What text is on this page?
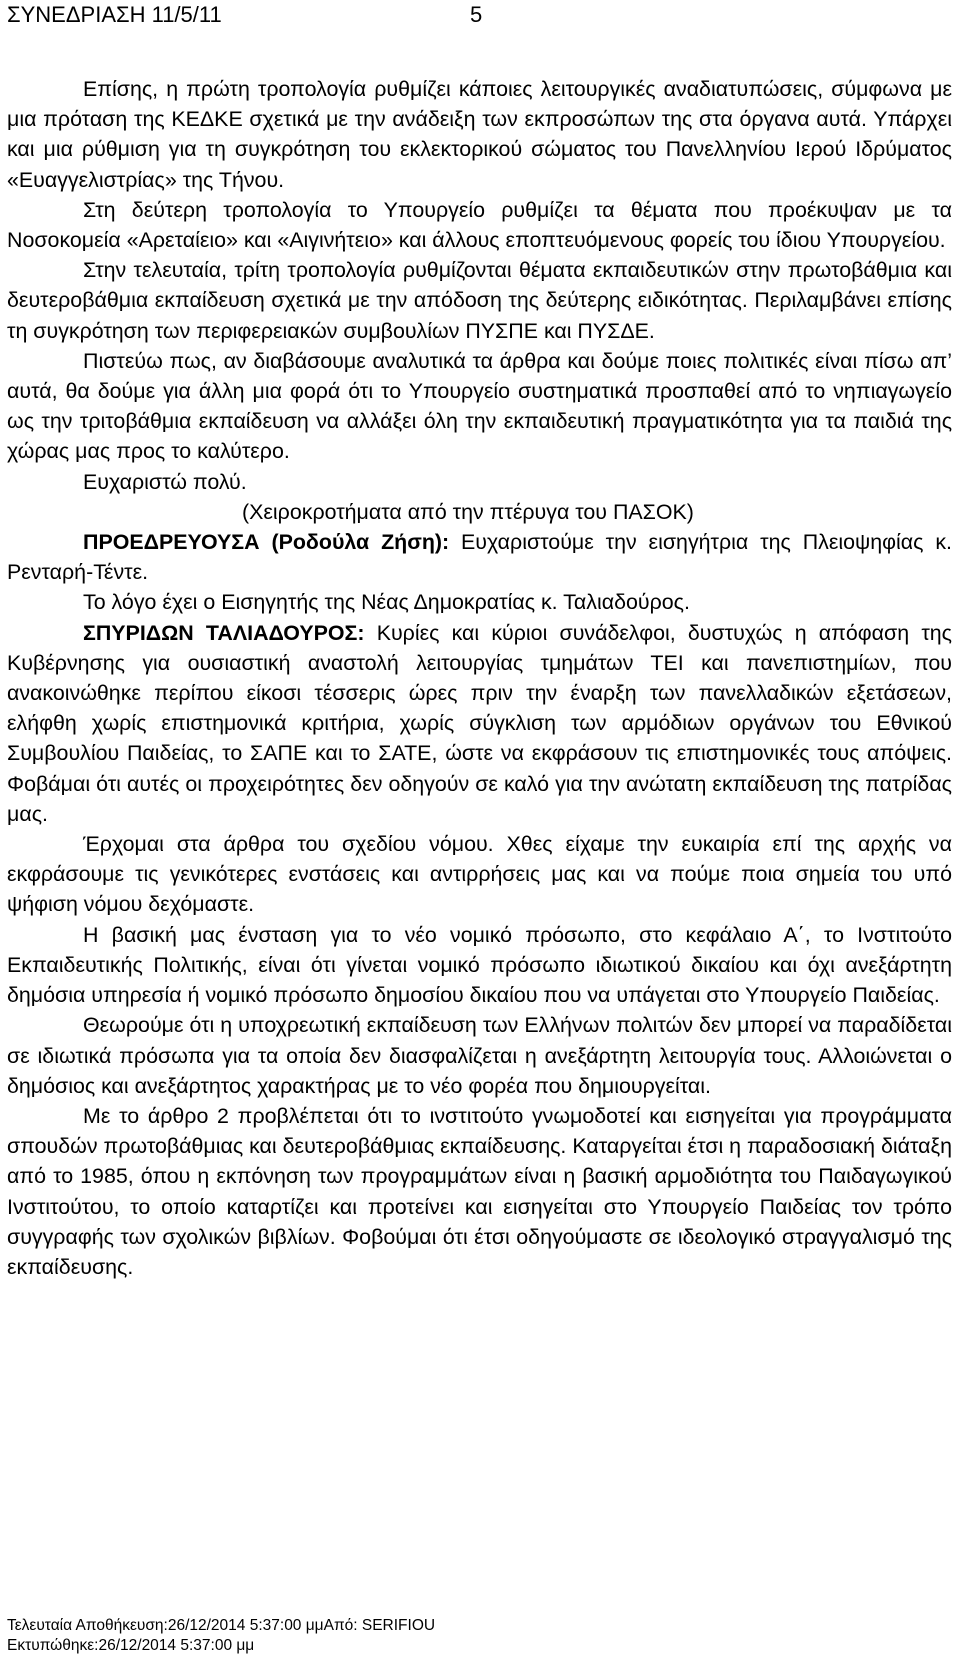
ΣΥΝΕΔΡΙΑΣΗ 11/5/11	5

Επίσης, η πρώτη τροπολογία ρυθμίζει κάποιες λειτουργικές αναδιατυπώσεις, σύμφωνα με μια πρόταση της ΚΕΔΚΕ σχετικά με την ανάδειξη των εκπροσώπων της στα όργανα αυτά. Υπάρχει και μια ρύθμιση για τη συγκρότηση του εκλεκτορικού σώματος του Πανελληνίου Ιερού Ιδρύματος «Ευαγγελιστρίας» της Τήνου.

Στη δεύτερη τροπολογία το Υπουργείο ρυθμίζει τα θέματα που προέκυψαν με τα Νοσοκομεία «Αρεταίειο» και «Αιγινήτειο» και άλλους εποπτευόμενους φορείς του ίδιου Υπουργείου.

Στην τελευταία, τρίτη τροπολογία ρυθμίζονται θέματα εκπαιδευτικών στην πρωτοβάθμια και δευτεροβάθμια εκπαίδευση σχετικά με την απόδοση της δεύτερης ειδικότητας. Περιλαμβάνει επίσης τη συγκρότηση των περιφερειακών συμβουλίων ΠΥΣΠΕ και ΠΥΣΔΕ.

Πιστεύω πως, αν διαβάσουμε αναλυτικά τα άρθρα και δούμε ποιες πολιτικές είναι πίσω απ’ αυτά, θα δούμε για άλλη μια φορά ότι το Υπουργείο συστηματικά προσπαθεί από το νηπιαγωγείο ως την τριτοβάθμια εκπαίδευση να αλλάξει όλη την εκπαιδευτική πραγματικότητα για τα παιδιά της χώρας μας προς το καλύτερο.

Ευχαριστώ πολύ.

(Χειροκροτήματα από την πτέρυγα του ΠΑΣΟΚ)

ΠΡΟΕΔΡΕΥΟΥΣΑ (Ροδούλα Ζήση): Ευχαριστούμε την εισηγήτρια της Πλειοψηφίας κ. Ρενταρή-Τέντε.

Το λόγο έχει ο Εισηγητής της Νέας Δημοκρατίας κ. Ταλιαδούρος.

ΣΠΥΡΙΔΩΝ ΤΑΛΙΑΔΟΥΡΟΣ: Κυρίες και κύριοι συνάδελφοι, δυστυχώς η απόφαση της Κυβέρνησης για ουσιαστική αναστολή λειτουργίας τμημάτων ΤΕΙ και πανεπιστημίων, που ανακοινώθηκε περίπου είκοσι τέσσερις ώρες πριν την έναρξη των πανελλαδικών εξετάσεων, ελήφθη χωρίς επιστημονικά κριτήρια, χωρίς σύγκλιση των αρμόδιων οργάνων του Εθνικού Συμβουλίου Παιδείας, το ΣΑΠΕ και το ΣΑΤΕ, ώστε να εκφράσουν τις επιστημονικές τους απόψεις. Φοβάμαι ότι αυτές οι προχειρότητες δεν οδηγούν σε καλό για την ανώτατη εκπαίδευση της πατρίδας μας.

Έρχομαι στα άρθρα του σχεδίου νόμου. Χθες είχαμε την ευκαιρία επί της αρχής να εκφράσουμε τις γενικότερες ενστάσεις και αντιρρήσεις μας και να πούμε ποια σημεία του υπό ψήφιση νόμου δεχόμαστε.

Η βασική μας ένσταση για το νέο νομικό πρόσωπο, στο κεφάλαιο Α΄, το Ινστιτούτο Εκπαιδευτικής Πολιτικής, είναι ότι γίνεται νομικό πρόσωπο ιδιωτικού δικαίου και όχι ανεξάρτητη δημόσια υπηρεσία ή νομικό πρόσωπο δημοσίου δικαίου που να υπάγεται στο Υπουργείο Παιδείας.

Θεωρούμε ότι η υποχρεωτική εκπαίδευση των Ελλήνων πολιτών δεν μπορεί να παραδίδεται σε ιδιωτικά πρόσωπα για τα οποία δεν διασφαλίζεται η ανεξάρτητη λειτουργία τους. Αλλοιώνεται ο δημόσιος και ανεξάρτητος χαρακτήρας με το νέο φορέα που δημιουργείται.

Με το άρθρο 2 προβλέπεται ότι το ινστιτούτο γνωμοδοτεί και εισηγείται για προγράμματα σπουδών πρωτοβάθμιας και δευτεροβάθμιας εκπαίδευσης. Καταργείται έτσι η παραδοσιακή διάταξη από το 1985, όπου η εκπόνηση των προγραμμάτων είναι η βασική αρμοδιότητα του Παιδαγωγικού Ινστιτούτου, το οποίο καταρτίζει και προτείνει και εισηγείται στο Υπουργείο Παιδείας τον τρόπο συγγραφής των σχολικών βιβλίων. Φοβούμαι ότι έτσι οδηγούμαστε σε ιδεολογικό στραγγαλισμό της εκπαίδευσης.

Τελευταία Αποθήκευση:26/12/2014 5:37:00 μμΑπό: SERIFIOU
Εκτυπώθηκε:26/12/2014 5:37:00 μμ
